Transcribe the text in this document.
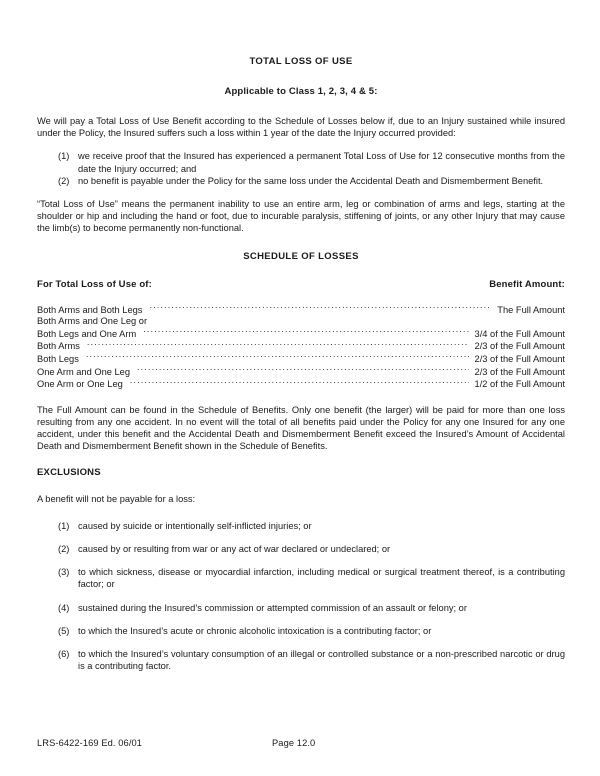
TOTAL LOSS OF USE
Applicable to Class 1, 2, 3, 4 & 5:

We will pay a Total Loss of Use Benefit according to the Schedule of Losses below if, due to an Injury sustained while insured under the Policy, the Insured suffers such a loss within 1 year of the date the Injury occurred provided:

(1) we receive proof that the Insured has experienced a permanent Total Loss of Use for 12 consecutive months from the date the Injury occurred; and
(2) no benefit is payable under the Policy for the same loss under the Accidental Death and Dismemberment Benefit.

“Total Loss of Use” means the permanent inability to use an entire arm, leg or combination of arms and legs, starting at the shoulder or hip and including the hand or foot, due to incurable paralysis, stiffening of joints, or any other Injury that may cause the limb(s) to become permanently non-functional.

SCHEDULE OF LOSSES
For Total Loss of Use of:	Benefit Amount:
Both Arms and Both Legs .....	The Full Amount
Both Arms and One Leg or
Both Legs and One Arm .....	3/4 of the Full Amount
Both Arms .....	2/3 of the Full Amount
Both Legs .....	2/3 of the Full Amount
One Arm and One Leg .....	2/3 of the Full Amount
One Arm or One Leg .....	1/2 of the Full Amount

The Full Amount can be found in the Schedule of Benefits. Only one benefit (the larger) will be paid for more than one loss resulting from any one accident. In no event will the total of all benefits paid under the Policy for any one Insured for any one accident, under this benefit and the Accidental Death and Dismemberment Benefit exceed the Insured’s Amount of Accidental Death and Dismemberment Benefit shown in the Schedule of Benefits.

EXCLUSIONS

A benefit will not be payable for a loss:

(1) caused by suicide or intentionally self-inflicted injuries; or
(2) caused by or resulting from war or any act of war declared or undeclared; or
(3) to which sickness, disease or myocardial infarction, including medical or surgical treatment thereof, is a contributing factor; or
(4) sustained during the Insured’s commission or attempted commission of an assault or felony; or
(5) to which the Insured’s acute or chronic alcoholic intoxication is a contributing factor; or
(6) to which the Insured’s voluntary consumption of an illegal or controlled substance or a non-prescribed narcotic or drug is a contributing factor.
LRS-6422-169 Ed. 06/01	Page 12.0
